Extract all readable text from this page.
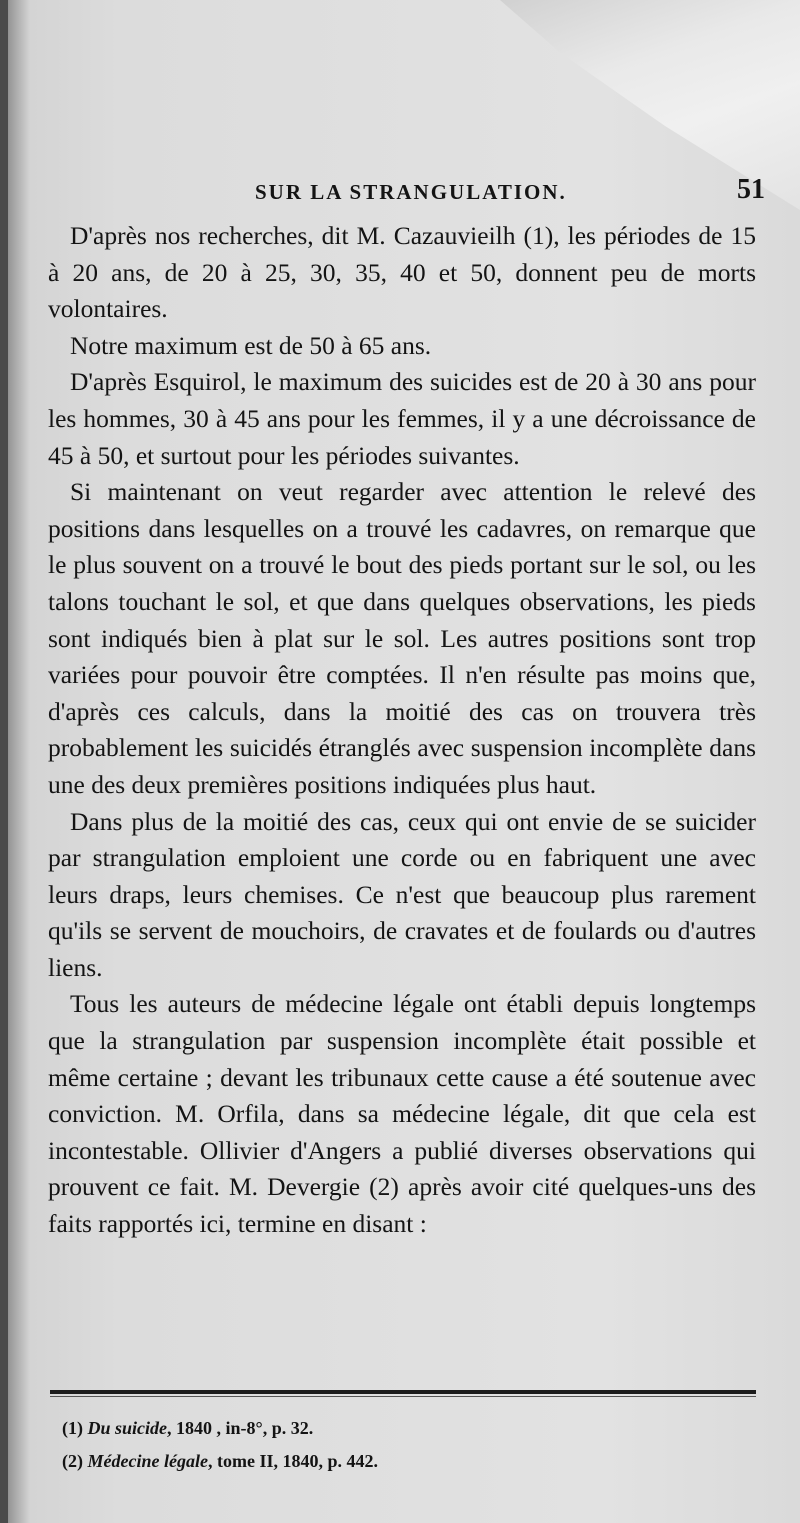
SUR LA STRANGULATION.	51

D'après nos recherches, dit M. Cazauvieilh (1), les périodes de 15 à 20 ans, de 20 à 25, 30, 35, 40 et 50, donnent peu de morts volontaires.

Notre maximum est de 50 à 65 ans.

D'après Esquirol, le maximum des suicides est de 20 à 30 ans pour les hommes, 30 à 45 ans pour les femmes, il y a une décroissance de 45 à 50, et surtout pour les périodes suivantes.

Si maintenant on veut regarder avec attention le relevé des positions dans lesquelles on a trouvé les cadavres, on remarque que le plus souvent on a trouvé le bout des pieds portant sur le sol, ou les talons touchant le sol, et que dans quelques observations, les pieds sont indiqués bien à plat sur le sol. Les autres positions sont trop variées pour pouvoir être comptées. Il n'en résulte pas moins que, d'après ces calculs, dans la moitié des cas on trouvera très probablement les suicidés étranglés avec suspension incomplète dans une des deux premières positions indiquées plus haut.

Dans plus de la moitié des cas, ceux qui ont envie de se suicider par strangulation emploient une corde ou en fabriquent une avec leurs draps, leurs chemises. Ce n'est que beaucoup plus rarement qu'ils se servent de mouchoirs, de cravates et de foulards ou d'autres liens.

Tous les auteurs de médecine légale ont établi depuis longtemps que la strangulation par suspension incomplète était possible et même certaine ; devant les tribunaux cette cause a été soutenue avec conviction. M. Orfila, dans sa médecine légale, dit que cela est incontestable. Ollivier d'Angers a publié diverses observations qui prouvent ce fait. M. Devergie (2) après avoir cité quelques-uns des faits rapportés ici, termine en disant :

(1) Du suicide, 1840 , in-8°, p. 32.
(2) Médecine légale, tome II, 1840, p. 442.
